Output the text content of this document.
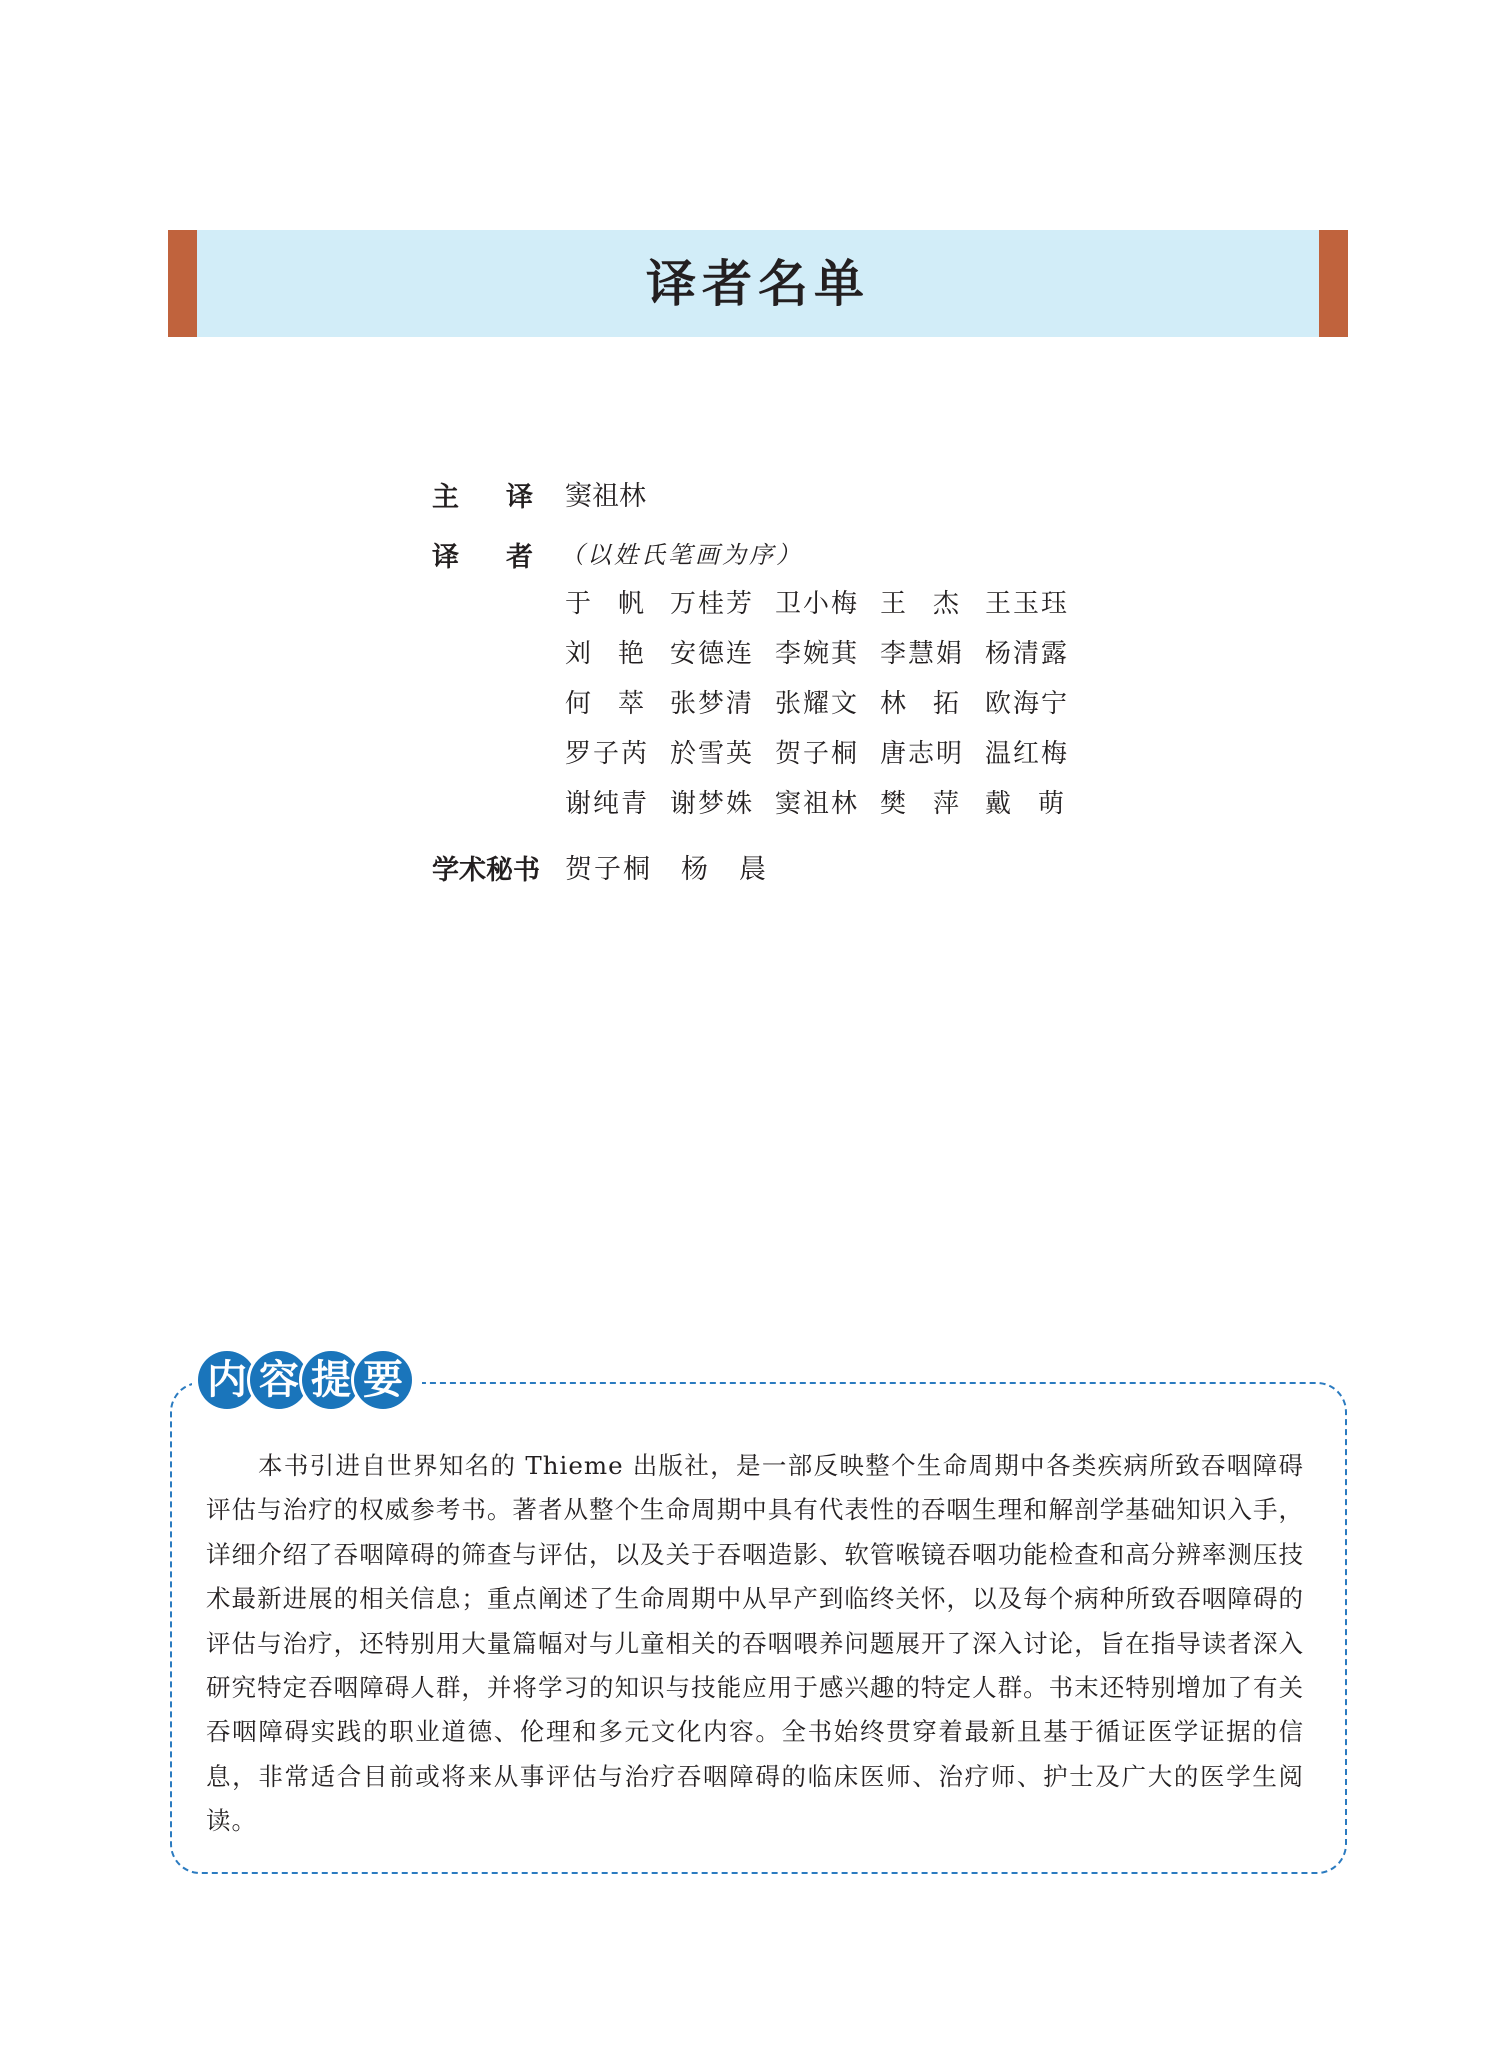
译者名单
主 译 窦祖林
译 者 （以姓氏笔画为序）
于帆
万桂芳 卫小梅 王杰
王玉珏
刘艳
安德连 李婉萁 李慧娟 杨清露
何萃
张梦清 张耀文 林拓
欧海宁
罗子芮 於雪英 贺子桐 唐志明 温红梅
谢纯青 谢梦姝 窦祖林 樊萍
戴萌
学术秘书 贺子桐　杨　晨
内 容 提 要

本书引进自世界知名的 Thieme 出版社，是一部反映整个生命周期中各类疾病所致吞咽障碍评估与治疗的权威参考书。著者从整个生命周期中具有代表性的吞咽生理和解剖学基础知识入手，详细介绍了吞咽障碍的筛查与评估，以及关于吞咽造影、软管喉镜吞咽功能检查和高分辨率测压技术最新进展的相关信息；重点阐述了生命周期中从早产到临终关怀，以及每个病种所致吞咽障碍的评估与治疗，还特别用大量篇幅对与儿童相关的吞咽喂养问题展开了深入讨论，旨在指导读者深入研究特定吞咽障碍人群，并将学习的知识与技能应用于感兴趣的特定人群。书末还特别增加了有关吞咽障碍实践的职业道德、伦理和多元文化内容。全书始终贯穿着最新且基于循证医学证据的信息，非常适合目前或将来从事评估与治疗吞咽障碍的临床医师、治疗师、护士及广大的医学生阅读。
